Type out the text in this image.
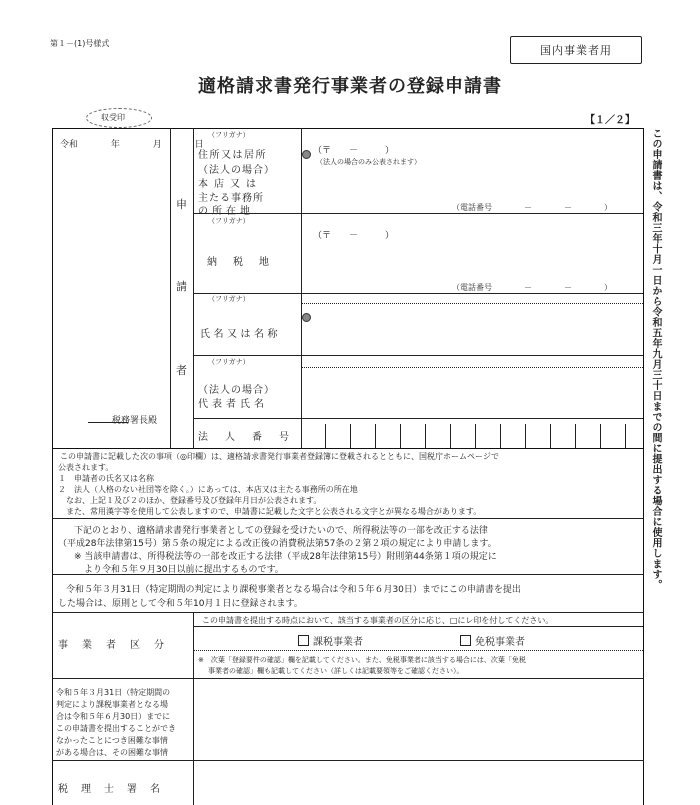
第１－(1)号様式
国内事業者用
適格請求書発行事業者の登録申請書
【１／２】
収受印
この申請書は、令和三年十月一日から令和五年九月三十日までの間に提出する場合に使用します。
令和	年	月	日
税務署長殿
申
請
者
（フリガナ）
住所又は居所
（法人の場合）
本店又は
主たる事務所
の所在地
（〒　　－　　　）
（法人の場合のみ公表されます）
（電話番号　　　　－　　　　－　　　　）
（フリガナ）
納税地
（〒　　－　　　）
（電話番号　　　　－　　　　－　　　　）
（フリガナ）
氏名又は名称
（フリガナ）
（法人の場合）
代表者氏名
法人番号
この申請書に記載した次の事項（◎印欄）は、適格請求書発行事業者登録簿に登載されるとともに、国税庁ホームページで
公表されます。
１　申請者の氏名又は名称
２　法人（人格のない社団等を除く。）にあっては、本店又は主たる事務所の所在地
なお、上記１及び２のほか、登録番号及び登録年月日が公表されます。
また、常用漢字等を使用して公表しますので、申請書に記載した文字と公表される文字とが異なる場合があります。
下記のとおり、適格請求書発行事業者としての登録を受けたいので、所得税法等の一部を改正する法律
（平成28年法律第15号）第５条の規定による改正後の消費税法第57条の２第２項の規定により申請します。
※ 当該申請書は、所得税法等の一部を改正する法律（平成28年法律第15号）附則第44条第１項の規定に
より令和５年９月30日以前に提出するものです。
令和５年３月31日（特定期間の判定により課税事業者となる場合は令和５年６月30日）までにこの申請書を提出
した場合は、原則として令和５年10月１日に登録されます。
事業者区分
この申請書を提出する時点において、該当する事業者の区分に応じ、□にレ印を付してください。
課税事業者	免税事業者
※　次葉「登録要件の確認」欄を記載してください。また、免税事業者に該当する場合には、次葉「免税
事業者の確認」欄も記載してください（詳しくは記載要領等をご確認ください）。
令和５年３月31日（特定期間の
判定により課税事業者となる場
合は令和５年６月30日）までに
この申請書を提出することができ
なかったことにつき困難な事情
がある場合は、その困難な事情
税理士署名
